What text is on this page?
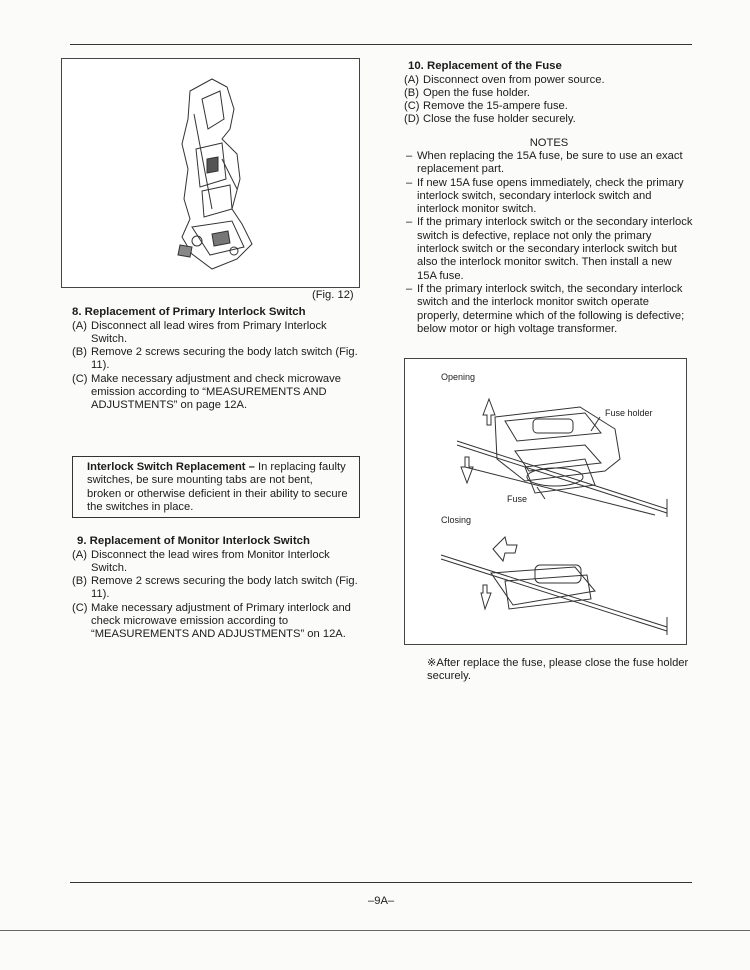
(Fig. 12)
8. Replacement of Primary Interlock Switch
(A) Disconnect all lead wires from Primary Interlock Switch.
(B) Remove 2 screws securing the body latch switch (Fig. 11).
(C) Make necessary adjustment and check microwave emission according to “MEASUREMENTS AND ADJUSTMENTS” on page 12A.
Interlock Switch Replacement – In replacing faulty switches, be sure mounting tabs are not bent, broken or otherwise deficient in their ability to secure the switches in place.
9. Replacement of Monitor Interlock Switch
(A) Disconnect the lead wires from Monitor Interlock Switch.
(B) Remove 2 screws securing the body latch switch (Fig. 11).
(C) Make necessary adjustment of Primary interlock and check microwave emission according to “MEASUREMENTS AND ADJUSTMENTS” on 12A.
10. Replacement of the Fuse
(A) Disconnect oven from power source.
(B) Open the fuse holder.
(C) Remove the 15-ampere fuse.
(D) Close the fuse holder securely.
NOTES
– When replacing the 15A fuse, be sure to use an exact replacement part.
– If new 15A fuse opens immediately, check the primary interlock switch, secondary interlock switch and interlock monitor switch.
– If the primary interlock switch or the secondary interlock switch is defective, replace not only the primary interlock switch or the secondary interlock switch but also the interlock monitor switch. Then install a new 15A fuse.
– If the primary interlock switch, the secondary interlock switch and the interlock monitor switch operate properly, determine which of the following is defective; below motor or high voltage transformer.
Opening
Fuse holder
Fuse
Closing
※After replace the fuse, please close the fuse holder securely.
–9A–
